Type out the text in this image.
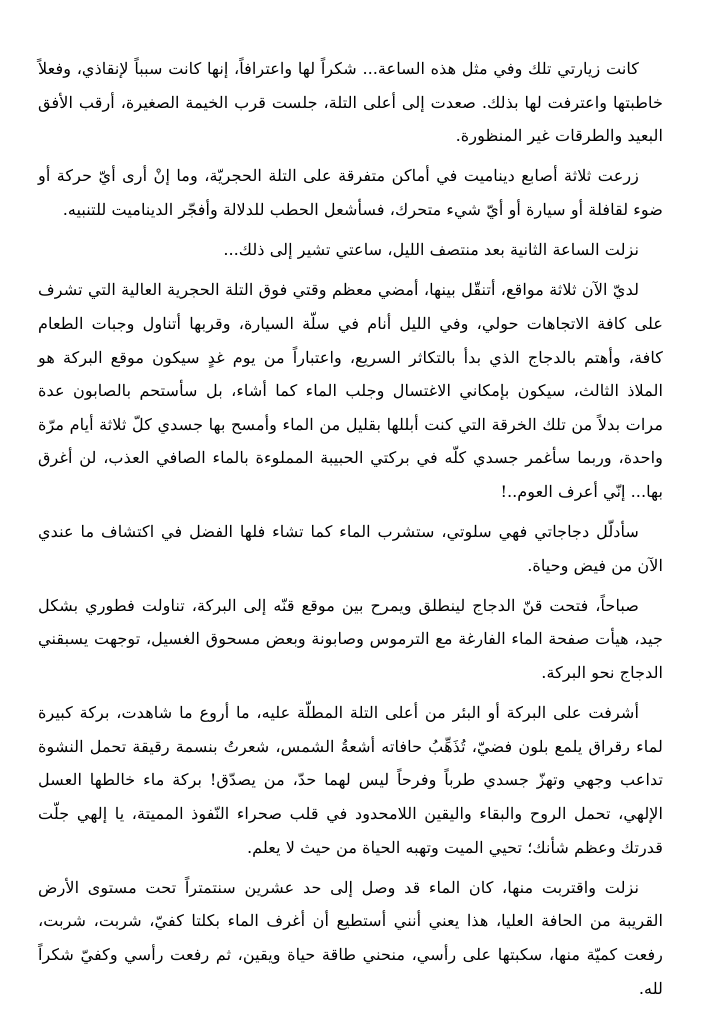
كانت زيارتي تلك وفي مثل هذه الساعة... شكراً لها واعترافاً، إنها كانت سبباً لإنقاذي، وفعلاً خاطبتها واعترفت لها بذلك. صعدت إلى أعلى التلة، جلست قرب الخيمة الصغيرة، أرقب الأفق البعيد والطرقات غير المنظورة.

زرعت ثلاثة أصابع ديناميت في أماكن متفرقة على التلة الحجريّة، وما إنْ أرى أيّ حركة أو ضوء لقافلة أو سيارة أو أيّ شيء متحرك، فسأشعل الحطب للدلالة وأفجّر الديناميت للتنبيه.

نزلت الساعة الثانية بعد منتصف الليل، ساعتي تشير إلى ذلك...

لديّ الآن ثلاثة مواقع، أتنقّل بينها، أمضي معظم وقتي فوق التلة الحجرية العالية التي تشرف على كافة الاتجاهات حولي، وفي الليل أنام في سلّة السيارة، وقربها أتناول وجبات الطعام كافة، وأهتم بالدجاج الذي بدأ بالتكاثر السريع، واعتباراً من يوم غدٍ سيكون موقع البركة هو الملاذ الثالث، سيكون بإمكاني الاغتسال وجلب الماء كما أشاء، بل سأستحم بالصابون عدة مرات بدلاً من تلك الخرقة التي كنت أبللها بقليل من الماء وأمسح بها جسدي كلّ ثلاثة أيام مرّة واحدة، وربما سأغمر جسدي كلّه في بركتي الحبيبة المملوءة بالماء الصافي العذب، لن أغرق بها... إنّي أعرف العوم..!

سأدلّل دجاجاتي فهي سلوتي، ستشرب الماء كما تشاء فلها الفضل في اكتشاف ما عندي الآن من فيض وحياة.

صباحاً، فتحت قنّ الدجاج لينطلق ويمرح بين موقع قنّه إلى البركة، تناولت فطوري بشكل جيد، هيأت صفحة الماء الفارغة مع الترموس وصابونة وبعض مسحوق الغسيل، توجهت يسبقني الدجاج نحو البركة.

أشرفت على البركة أو البئر من أعلى التلة المطلّة عليه، ما أروع ما شاهدت، بركة كبيرة لماء رقراق يلمع بلون فضيّ، تُذَهِّبُ حافاته أشعةُ الشمس، شعرتُ بنسمة رقيقة تحمل النشوة تداعب وجهي وتهزّ جسدي طرباً وفرحاً ليس لهما حدّ، من يصدّق! بركة ماء خالطها العسل الإلهي، تحمل الروح والبقاء واليقين اللامحدود في قلب صحراء النّفوذ المميتة، يا إلهي جلّت قدرتك وعظم شأنك؛ تحيي الميت وتهبه الحياة من حيث لا يعلم.

نزلت واقتربت منها، كان الماء قد وصل إلى حد عشرين سنتمتراً تحت مستوى الأرض القريبة من الحافة العليا، هذا يعني أنني أستطيع أن أغرف الماء بكلتا كفيّ، شربت، شربت، رفعت كميّة منها، سكبتها على رأسي، منحني طاقة حياة ويقين، ثم رفعت رأسي وكفيّ شكراً لله.
